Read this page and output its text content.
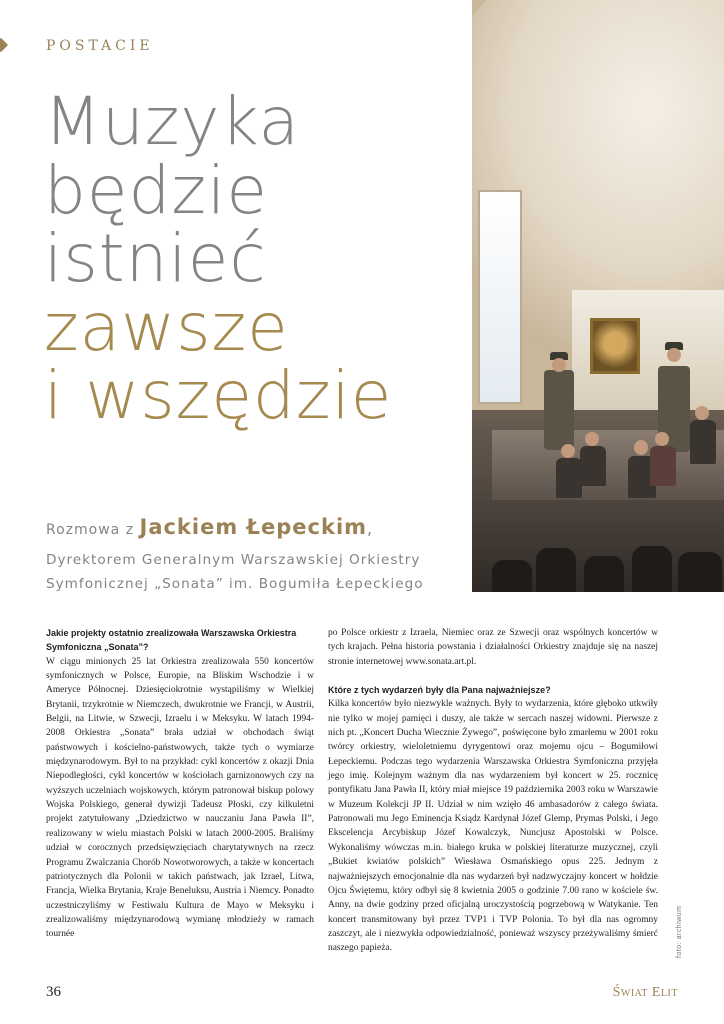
POSTACIE
Muzyka
będzie
istnieć
zawsze
i wszędzie
Rozmowa z Jackiem Łepeckim,
Dyrektorem Generalnym Warszawskiej Orkiestry
Symfonicznej „Sonata” im. Bogumiła Łepeckiego

Jakie projekty ostatnio zrealizowała Warszawska Orkiestra Symfoniczna „Sonata”?

W ciągu minionych 25 lat Orkiestra zrealizowała 550 koncertów symfonicznych w Polsce, Europie, na Bliskim Wschodzie i w Ameryce Północnej. Dziesięciokrotnie wystąpiliśmy w Wielkiej Brytanii, trzykrotnie w Niemczech, dwukrotnie we Francji, w Austrii, Belgii, na Litwie, w Szwecji, Izraelu i w Meksyku. W latach 1994-2008 Orkiestra „Sonata” brała udział w obchodach świąt państwowych i kościelno-państwowych, także tych o wymiarze międzynarodowym. Był to na przykład: cykl koncertów z okazji Dnia Niepodległości, cykl koncertów w kościołach garnizonowych czy na wyższych uczelniach wojskowych, którym patronował biskup polowy Wojska Polskiego, generał dywizji Tadeusz Płoski, czy kilkuletni projekt zatytułowany „Dziedzictwo w nauczaniu Jana Pawła II”, realizowany w wielu miastach Polski w latach 2000-2005. Braliśmy udział w corocznych przedsięwzięciach charytatywnych na rzecz Programu Zwalczania Chorób Nowotworowych, a także w koncertach patriotycznych dla Polonii w takich państwach, jak Izrael, Litwa, Francja, Wielka Brytania, Kraje Beneluksu, Austria i Niemcy. Ponadto uczestniczyliśmy w Festiwalu Kultura de Mayo w Meksyku i zrealizowaliśmy międzynarodową wymianę młodzieży w ramach tournée

po Polsce orkiestr z Izraela, Niemiec oraz ze Szwecji oraz wspólnych koncertów w tych krajach. Pełna historia powstania i działalności Orkiestry znajduje się na naszej stronie internetowej www.sonata.art.pl.

Które z tych wydarzeń były dla Pana najważniejsze?

Kilka koncertów było niezwykle ważnych. Były to wydarzenia, które głęboko utkwiły nie tylko w mojej pamięci i duszy, ale także w sercach naszej widowni. Pierwsze z nich pt. „Koncert Ducha Wiecznie Żywego”, poświęcone było zmarłemu w 2001 roku twórcy orkiestry, wieloletniemu dyrygentowi oraz mojemu ojcu – Bogumiłowi Łepeckiemu. Podczas tego wydarzenia Warszawska Orkiestra Symfoniczna przyjęła jego imię. Kolejnym ważnym dla nas wydarzeniem był koncert w 25. rocznicę pontyfikatu Jana Pawła II, który miał miejsce 19 października 2003 roku w Warszawie w Muzeum Kolekcji JP II. Udział w nim wzięło 46 ambasadorów z całego świata. Patronowali mu Jego Eminencja Ksiądz Kardynał Józef Glemp, Prymas Polski, i Jego Ekscelencja Arcybiskup Józef Kowalczyk, Nuncjusz Apostolski w Polsce. Wykonaliśmy wówczas m.in. białego kruka w polskiej literaturze muzycznej, czyli „Bukiet kwiatów polskich” Wiesława Osmańskiego opus 225. Jednym z najważniejszych emocjonalnie dla nas wydarzeń był nadzwyczajny koncert w hołdzie Ojcu Świętemu, który odbył się 8 kwietnia 2005 o godzinie 7.00 rano w kościele św. Anny, na dwie godziny przed oficjalną uroczystością pogrzebową w Watykanie. Ten koncert transmitowany był przez TVP1 i TVP Polonia. To był dla nas ogromny zaszczyt, ale i niezwykła odpowiedzialność, ponieważ wszyscy przeżywaliśmy śmierć naszego papieża.	foto: archiwum
36	Świat Elit
